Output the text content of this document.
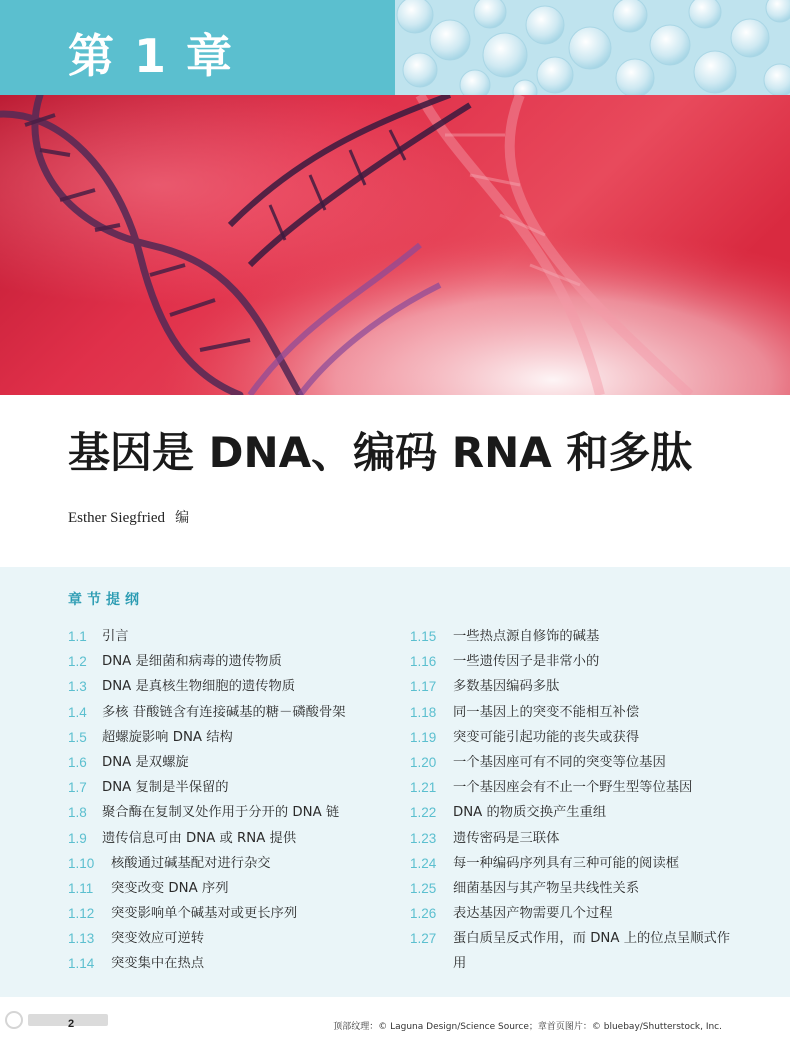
第 1 章
基因是 DNA、编码 RNA 和多肽
Esther Siegfried 编
章节提纲
1.1	引言
1.2	DNA 是细菌和病毒的遗传物质
1.3	DNA 是真核生物细胞的遗传物质
1.4	多核 苷酸链含有连接碱基的糖－磷酸骨架
1.5	超螺旋影响 DNA 结构
1.6	DNA 是双螺旋
1.7	DNA 复制是半保留的
1.8	聚合酶在复制叉处作用于分开的 DNA 链
1.9	遗传信息可由 DNA 或 RNA 提供
1.10	核酸通过碱基配对进行杂交
1.11	突变改变 DNA 序列
1.12	突变影响单个碱基对或更长序列
1.13	突变效应可逆转
1.14	突变集中在热点
1.15	一些热点源自修饰的碱基
1.16	一些遗传因子是非常小的
1.17	多数基因编码多肽
1.18	同一基因上的突变不能相互补偿
1.19	突变可能引起功能的丧失或获得
1.20	一个基因座可有不同的突变等位基因
1.21	一个基因座会有不止一个野生型等位基因
1.22	DNA 的物质交换产生重组
1.23	遗传密码是三联体
1.24	每一种编码序列具有三种可能的阅读框
1.25	细菌基因与其产物呈共线性关系
1.26	表达基因产物需要几个过程
1.27	蛋白质呈反式作用，而 DNA 上的位点呈顺式作用
2	顶部纹理：© Laguna Design/Science Source；章首页图片：© bluebay/Shutterstock, Inc.
